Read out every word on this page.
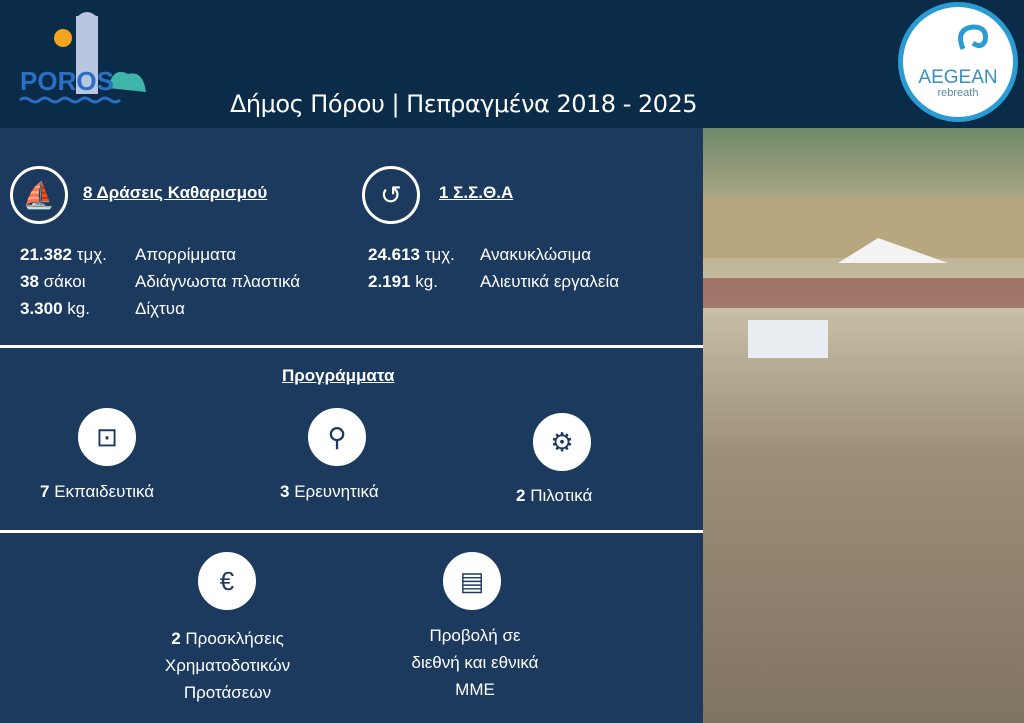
POROS
Δήμος Πόρου | Πεπραγμένα 2018 - 2025
AEGEAN
rebreath
⛵	8 Δράσεις Καθαρισμού	↺	1 Σ.Σ.Θ.Α
21.382 τμχ. Απορρίμματα
38 σάκοι	Αδιάγνωστα πλαστικά
3.300 kg.	Δίχτυα
24.613 τμχ. Ανακυκλώσιμα
2.191 kg. Αλιευτικά εργαλεία
Προγράμματα
⊡	⚲	⚙
7 Εκπαιδευτικά	3 Ερευνητικά	2 Πιλοτικά
€	▤
2 Προσκλήσεις
Χρηματοδοτικών
Προτάσεων
Προβολή σε
διεθνή και εθνικά
ΜΜΕ
